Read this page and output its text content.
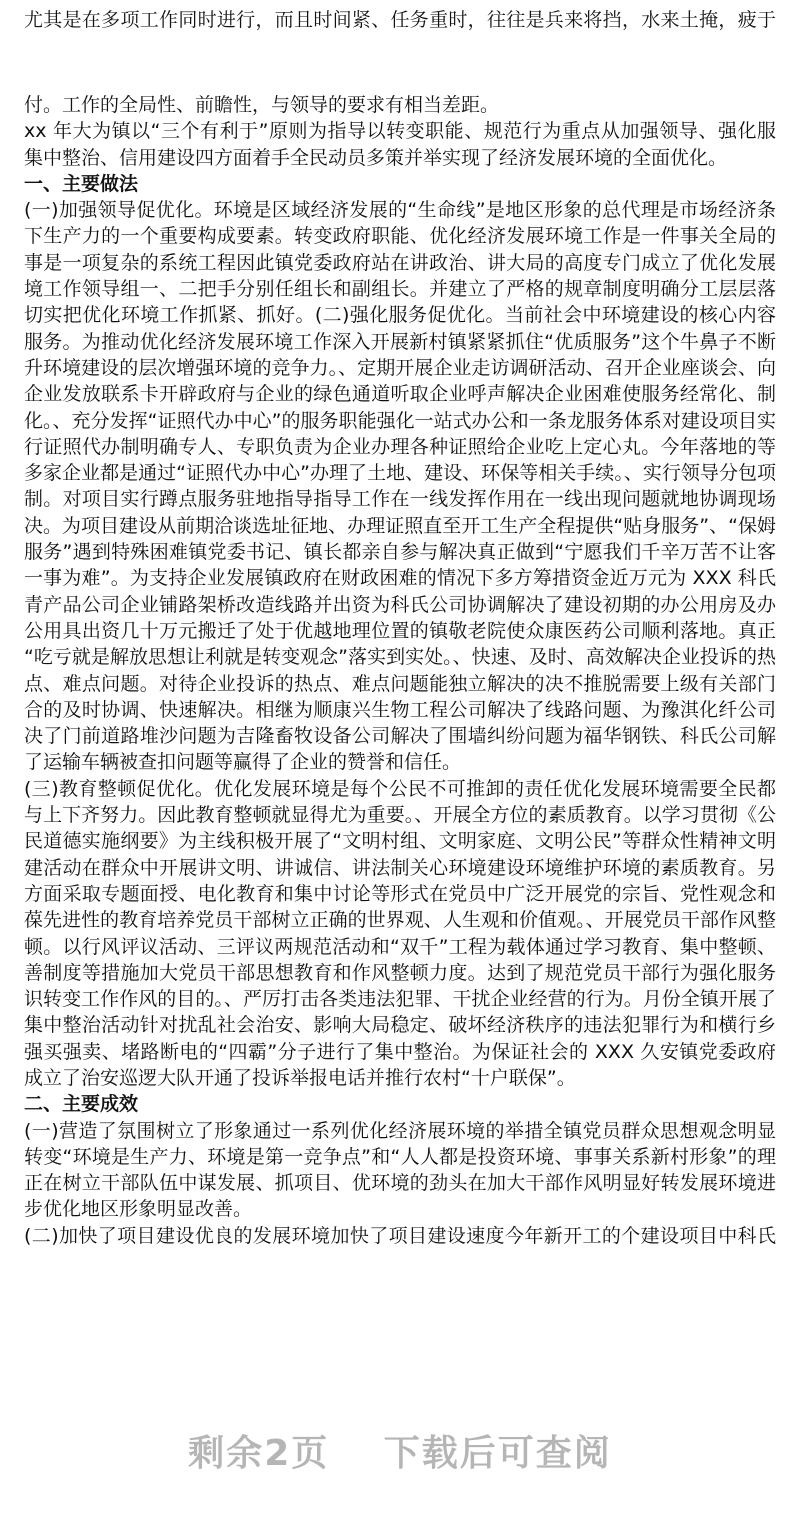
尤其是在多项工作同时进行，而且时间紧、任务重时，往往是兵来将挡，水来土掩，疲于
付。工作的全局性、前瞻性，与领导的要求有相当差距。
xx 年大为镇以“三个有利于”原则为指导以转变职能、规范行为重点从加强领导、强化服
集中整治、信用建设四方面着手全民动员多策并举实现了经济发展环境的全面优化。
一、主要做法
(一)加强领导促优化。环境是区域经济发展的“生命线”是地区形象的总代理是市场经济条
下生产力的一个重要构成要素。转变政府职能、优化经济发展环境工作是一件事关全局的
事是一项复杂的系统工程因此镇党委政府站在讲政治、讲大局的高度专门成立了优化发展
境工作领导组一、二把手分别任组长和副组长。并建立了严格的规章制度明确分工层层落
切实把优化环境工作抓紧、抓好。(二)强化服务促优化。当前社会中环境建设的核心内容
服务。为推动优化经济发展环境工作深入开展新村镇紧紧抓住“优质服务”这个牛鼻子不断
升环境建设的层次增强环境的竞争力。、定期开展企业走访调研活动、召开企业座谈会、向
企业发放联系卡开辟政府与企业的绿色通道听取企业呼声解决企业困难使服务经常化、制
化。、充分发挥“证照代办中心”的服务职能强化一站式办公和一条龙服务体系对建设项目实
行证照代办制明确专人、专职负责为企业办理各种证照给企业吃上定心丸。今年落地的等
多家企业都是通过“证照代办中心”办理了土地、建设、环保等相关手续。、实行领导分包项
制。对项目实行蹲点服务驻地指导指导工作在一线发挥作用在一线出现问题就地协调现场
决。为项目建设从前期洽谈选址征地、办理证照直至开工生产全程提供“贴身服务”、“保姆
服务”遇到特殊困难镇党委书记、镇长都亲自参与解决真正做到“宁愿我们千辛万苦不让客
一事为难”。为支持企业发展镇政府在财政困难的情况下多方筹措资金近万元为 XXX 科氏
青产品公司企业铺路架桥改造线路并出资为科氏公司协调解决了建设初期的办公用房及办
公用具出资几十万元搬迁了处于优越地理位置的镇敬老院使众康医药公司顺利落地。真正
“吃亏就是解放思想让利就是转变观念”落实到实处。、快速、及时、高效解决企业投诉的热
点、难点问题。对待企业投诉的热点、难点问题能独立解决的决不推脱需要上级有关部门
合的及时协调、快速解决。相继为顺康兴生物工程公司解决了线路问题、为豫淇化纤公司
决了门前道路堆沙问题为吉隆畜牧设备公司解决了围墙纠纷问题为福华钢铁、科氏公司解
了运输车辆被查扣问题等赢得了企业的赞誉和信任。
(三)教育整顿促优化。优化发展环境是每个公民不可推卸的责任优化发展环境需要全民都
与上下齐努力。因此教育整顿就显得尤为重要。、开展全方位的素质教育。以学习贯彻《公
民道德实施纲要》为主线积极开展了“文明村组、文明家庭、文明公民”等群众性精神文明
建活动在群众中开展讲文明、讲诚信、讲法制关心环境建设环境维护环境的素质教育。另
方面采取专题面授、电化教育和集中讨论等形式在党员中广泛开展党的宗旨、党性观念和
葆先进性的教育培养党员干部树立正确的世界观、人生观和价值观。、开展党员干部作风整
顿。以行风评议活动、三评议两规范活动和“双千”工程为载体通过学习教育、集中整顿、
善制度等措施加大党员干部思想教育和作风整顿力度。达到了规范党员干部行为强化服务
识转变工作作风的目的。、严厉打击各类违法犯罪、干扰企业经营的行为。月份全镇开展了
集中整治活动针对扰乱社会治安、影响大局稳定、破坏经济秩序的违法犯罪行为和横行乡
强买强卖、堵路断电的“四霸”分子进行了集中整治。为保证社会的 XXX 久安镇党委政府
成立了治安巡逻大队开通了投诉举报电话并推行农村“十户联保”。
二、主要成效
(一)营造了氛围树立了形象通过一系列优化经济展环境的举措全镇党员群众思想观念明显
转变“环境是生产力、环境是第一竞争点”和“人人都是投资环境、事事关系新村形象”的理
正在树立干部队伍中谋发展、抓项目、优环境的劲头在加大干部作风明显好转发展环境进
步优化地区形象明显改善。
(二)加快了项目建设优良的发展环境加快了项目建设速度今年新开工的个建设项目中科氏
剩余2页 下载后可查阅
